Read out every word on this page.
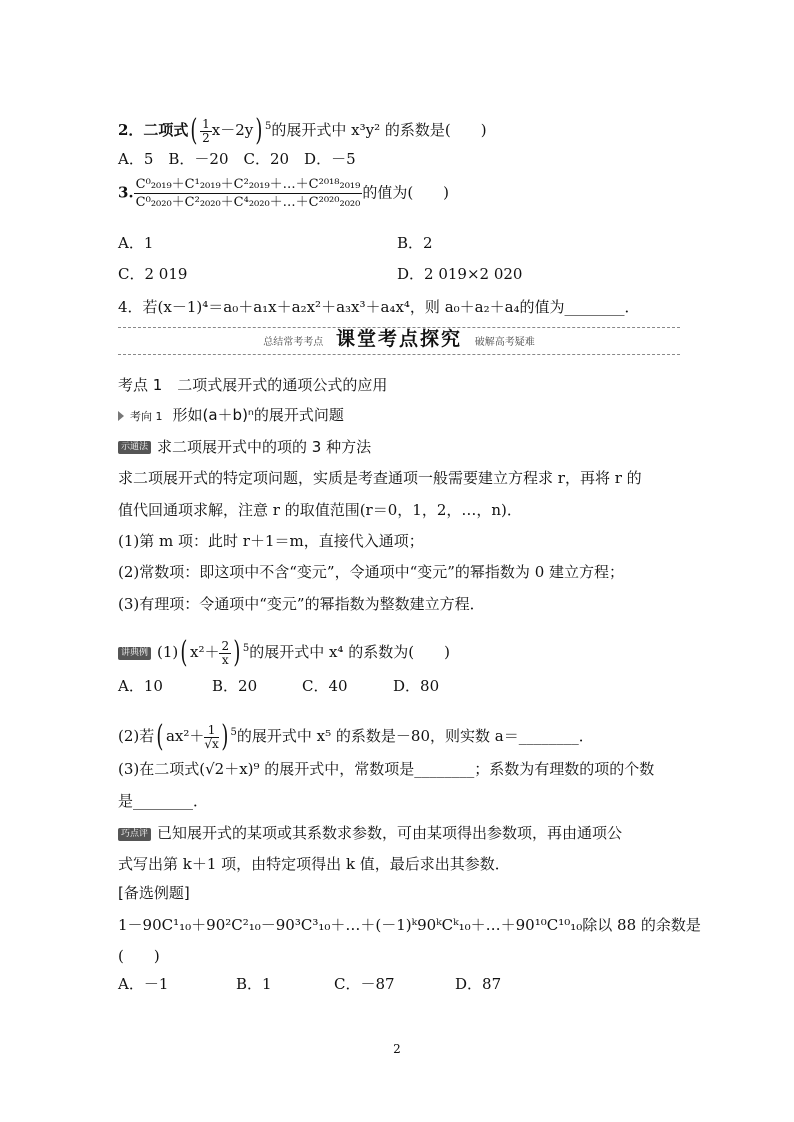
2．二项式( $\frac{1}{2} x-2y$) $^5$的展开式中 x³y² 的系数是(　　)
A．5　B．－20　C．20　D．－5
3. $\frac{\text{C⁰₂₀₁₉＋C¹₂₀₁₉＋C²₂₀₁₉＋…＋C²⁰¹⁸₂₀₁₉}}{\text{C⁰₂₀₂₀＋C²₂₀₂₀＋C⁴₂₀₂₀＋…＋C²⁰²⁰₂₀₂₀}}$ 的值为(　　)
A．1	B．2
C．2 019	D．2 019×2 020
4．若(x－1)⁴＝a₀＋a₁x＋a₂x²＋a₃x³＋a₄x⁴，则 a₀＋a₂＋a₄的值为________．
总结常考考点 课堂考点探究 破解高考疑难
考点 1　二项式展开式的通项公式的应用
考向 1 形如(a＋b)ⁿ的展开式问题
示通法 求二项展开式中的项的 3 种方法
求二项展开式的特定项问题，实质是考查通项一般需要建立方程求 r，再将 r 的
值代回通项求解，注意 r 的取值范围(r＝0，1，2，…，n)．
(1)第 m 项：此时 r＋1＝m，直接代入通项；
(2)常数项：即这项中不含“变元”，令通项中“变元”的幂指数为 0 建立方程；
(3)有理项：令通项中“变元”的幂指数为整数建立方程．
讲典例 (1)( $x^2+ \frac{2}{x}$ ) $^5$的展开式中 x⁴ 的系数为(　　)
A．10	B．20	C．40	D．80
(2)若( $ax^2+ \frac{1}{√x}$ ) $^5$的展开式中 x⁵ 的系数是－80，则实数 a＝________．
(3)在二项式(√2＋x)⁹ 的展开式中，常数项是________；系数为有理数的项的个数
是________．
巧点评 已知展开式的某项或其系数求参数，可由某项得出参数项，再由通项公
式写出第 k＋1 项，由特定项得出 k 值，最后求出其参数．
[备选例题]
1－90C¹₁₀＋90²C²₁₀－90³C³₁₀＋…＋(－1)ᵏ90ᵏCᵏ₁₀＋…＋90¹⁰C¹⁰₁₀除以 88 的余数是
(　　)
A．－1	B．1	C．－87	D．87
2
